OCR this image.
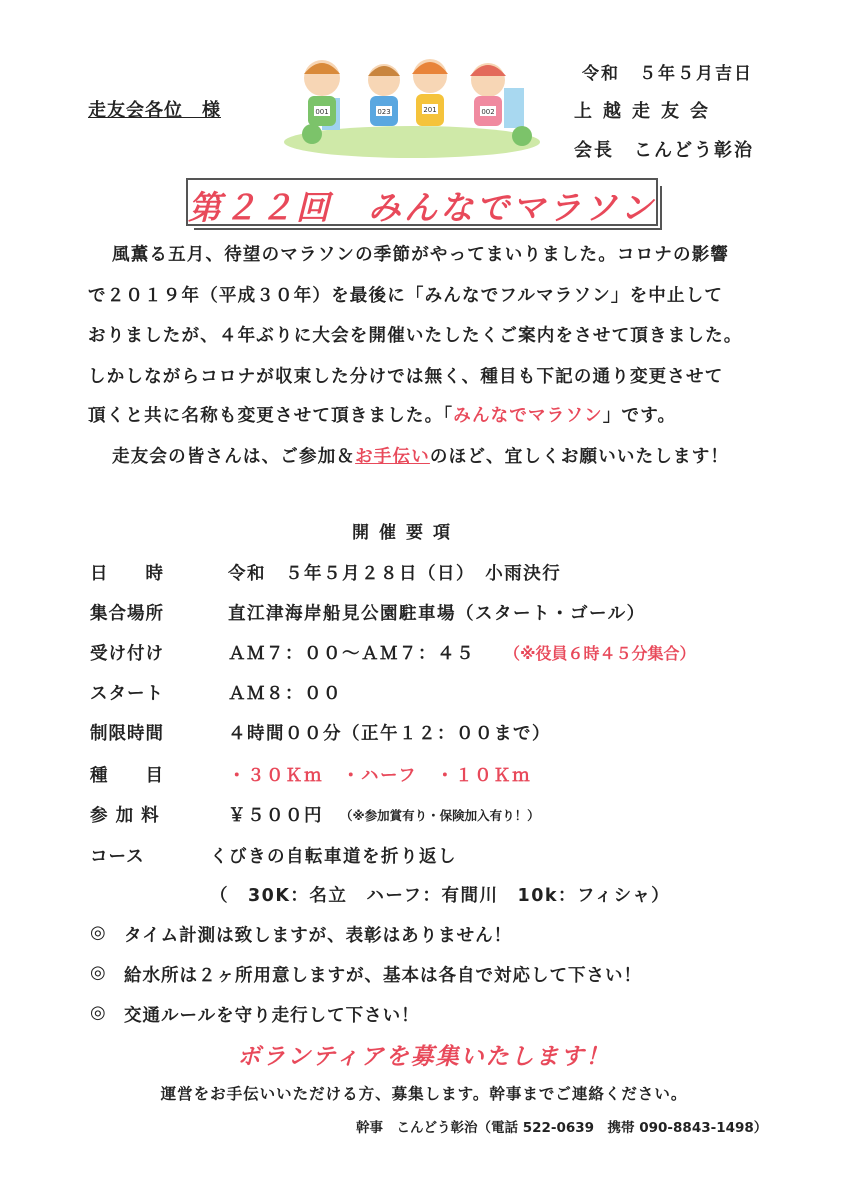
走友会各位　様
令和　５年５月吉日
上越走友会
会長　こんどう彰治
001	023	201	002
第２２回　みんなでマラソン
風薫る五月、待望のマラソンの季節がやってまいりました。コロナの影響
で２０１９年（平成３０年）を最後に「みんなでフルマラソン」を中止して
おりましたが、４年ぶりに大会を開催いたしたくご案内をさせて頂きました。
しかしながらコロナが収束した分けでは無く、種目も下記の通り変更させて
頂くと共に名称も変更させて頂きました。「みんなでマラソン」です。
走友会の皆さんは、ご参加＆お手伝いのほど、宜しくお願いいたします！
開催要項
日　　時	令和　５年５月２８日（日）　小雨決行
集合場所	直江津海岸船見公園駐車場（スタート・ゴール）
受け付け	ＡＭ７：００～ＡＭ７：４５ （※役員６時４５分集合）
スタート	ＡＭ８：００
制限時間	４時間００分（正午１２：００まで）
種　　目	・３０Ｋｍ　・ハーフ　・１０Ｋｍ
参 加 料	￥５００円 （※参加賞有り・保険加入有り！）
コース	くびきの自転車道を折り返し
（　30K：名立　ハーフ：有間川　10k：フィシャ）
◎ タイム計測は致しますが、表彰はありません！
◎ 給水所は２ヶ所用意しますが、基本は各自で対応して下さい！
◎ 交通ルールを守り走行して下さい！
ボランティアを募集いたします！
運営をお手伝いいただける方、募集します。幹事までご連絡ください。
幹事　こんどう彰治（電話 522-0639　携帯 090-8843-1498）
